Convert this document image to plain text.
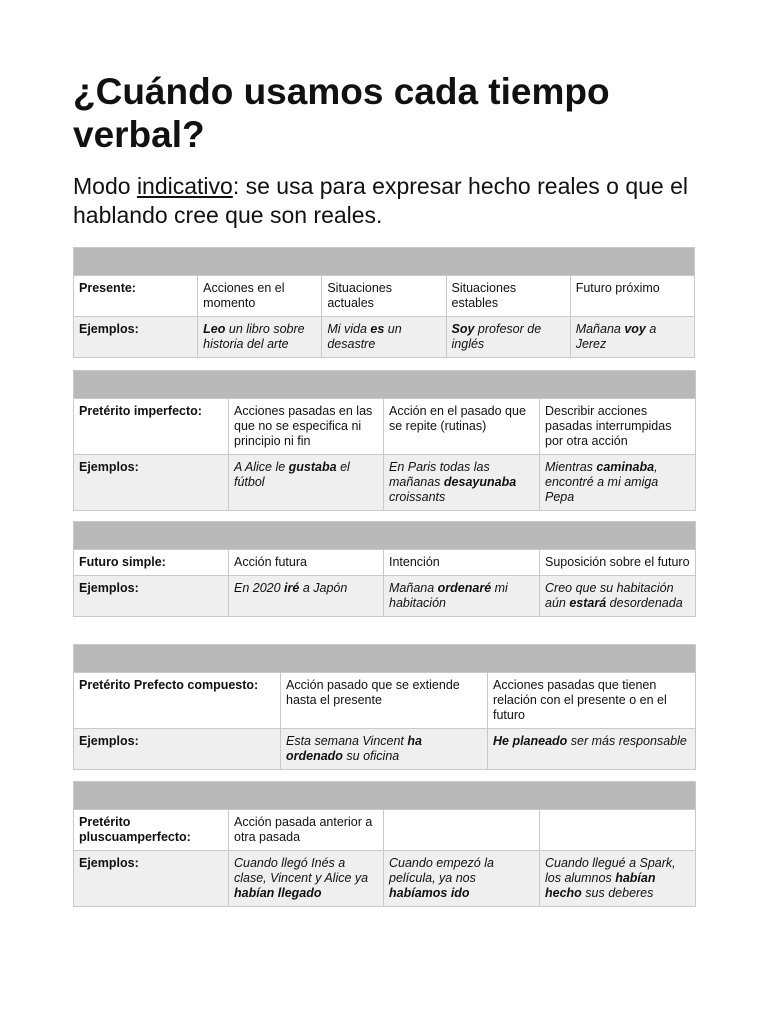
¿Cuándo usamos cada tiempo verbal?

Modo indicativo: se usa para expresar hecho reales o que el hablando cree que son reales.

Presente:	Acciones en el momento	Situaciones actuales	Situaciones estables	Futuro próximo
Ejemplos:	Leo un libro sobre historia del arte	Mi vida es un desastre	Soy profesor de inglés	Mañana voy a Jerez

Pretérito imperfecto:	Acciones pasadas en las que no se especifica ni principio ni fin	Acción en el pasado que se repite (rutinas)	Describir acciones pasadas interrumpidas por otra acción
Ejemplos:	A Alice le gustaba el fútbol	En Paris todas las mañanas desayunaba croissants	Mientras caminaba, encontré a mi amiga Pepa

Futuro simple:	Acción futura	Intención	Suposición sobre el futuro
Ejemplos:	En 2020 iré a Japón	Mañana ordenaré mi habitación	Creo que su habitación aún estará desordenada

Pretérito Prefecto compuesto:	Acción pasado que se extiende hasta el presente	Acciones pasadas que tienen relación con el presente o en el futuro
Ejemplos:	Esta semana Vincent ha ordenado su oficina	He planeado ser más responsable

Pretérito pluscuamperfecto:	Acción pasada anterior a otra pasada		
Ejemplos:	Cuando llegó Inés a clase, Vincent y Alice ya habían llegado	Cuando empezó la película, ya nos habíamos ido	Cuando llegué a Spark, los alumnos habían hecho sus deberes
